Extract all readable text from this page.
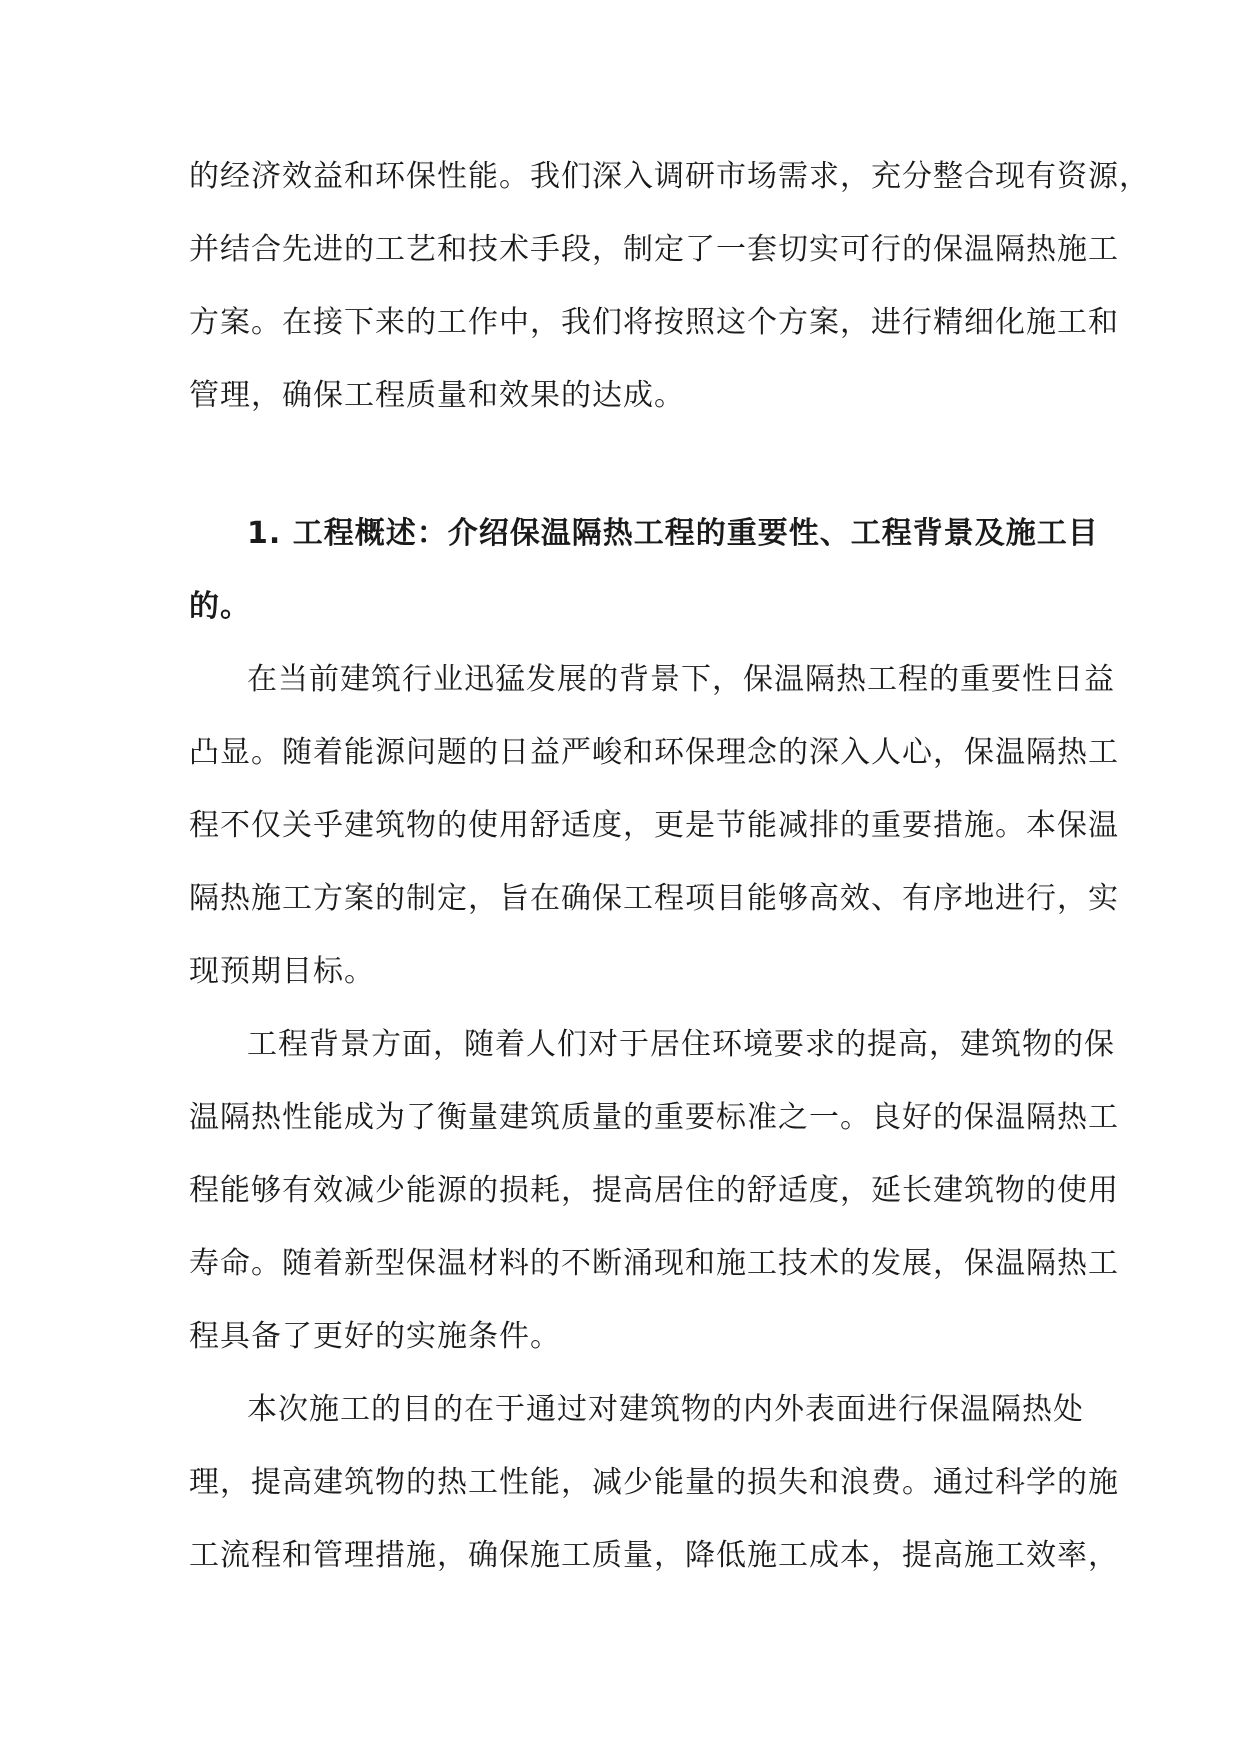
的经济效益和环保性能。我们深入调研市场需求，充分整合现有资源，
并结合先进的工艺和技术手段，制定了一套切实可行的保温隔热施工
方案。在接下来的工作中，我们将按照这个方案，进行精细化施工和
管理，确保工程质量和效果的达成。
1. 工程概述：介绍保温隔热工程的重要性、工程背景及施工目
的。
在当前建筑行业迅猛发展的背景下，保温隔热工程的重要性日益
凸显。随着能源问题的日益严峻和环保理念的深入人心，保温隔热工
程不仅关乎建筑物的使用舒适度，更是节能减排的重要措施。本保温
隔热施工方案的制定，旨在确保工程项目能够高效、有序地进行，实
现预期目标。
工程背景方面，随着人们对于居住环境要求的提高，建筑物的保
温隔热性能成为了衡量建筑质量的重要标准之一。良好的保温隔热工
程能够有效减少能源的损耗，提高居住的舒适度，延长建筑物的使用
寿命。随着新型保温材料的不断涌现和施工技术的发展，保温隔热工
程具备了更好的实施条件。
本次施工的目的在于通过对建筑物的内外表面进行保温隔热处
理，提高建筑物的热工性能，减少能量的损失和浪费。通过科学的施
工流程和管理措施，确保施工质量，降低施工成本，提高施工效率，
